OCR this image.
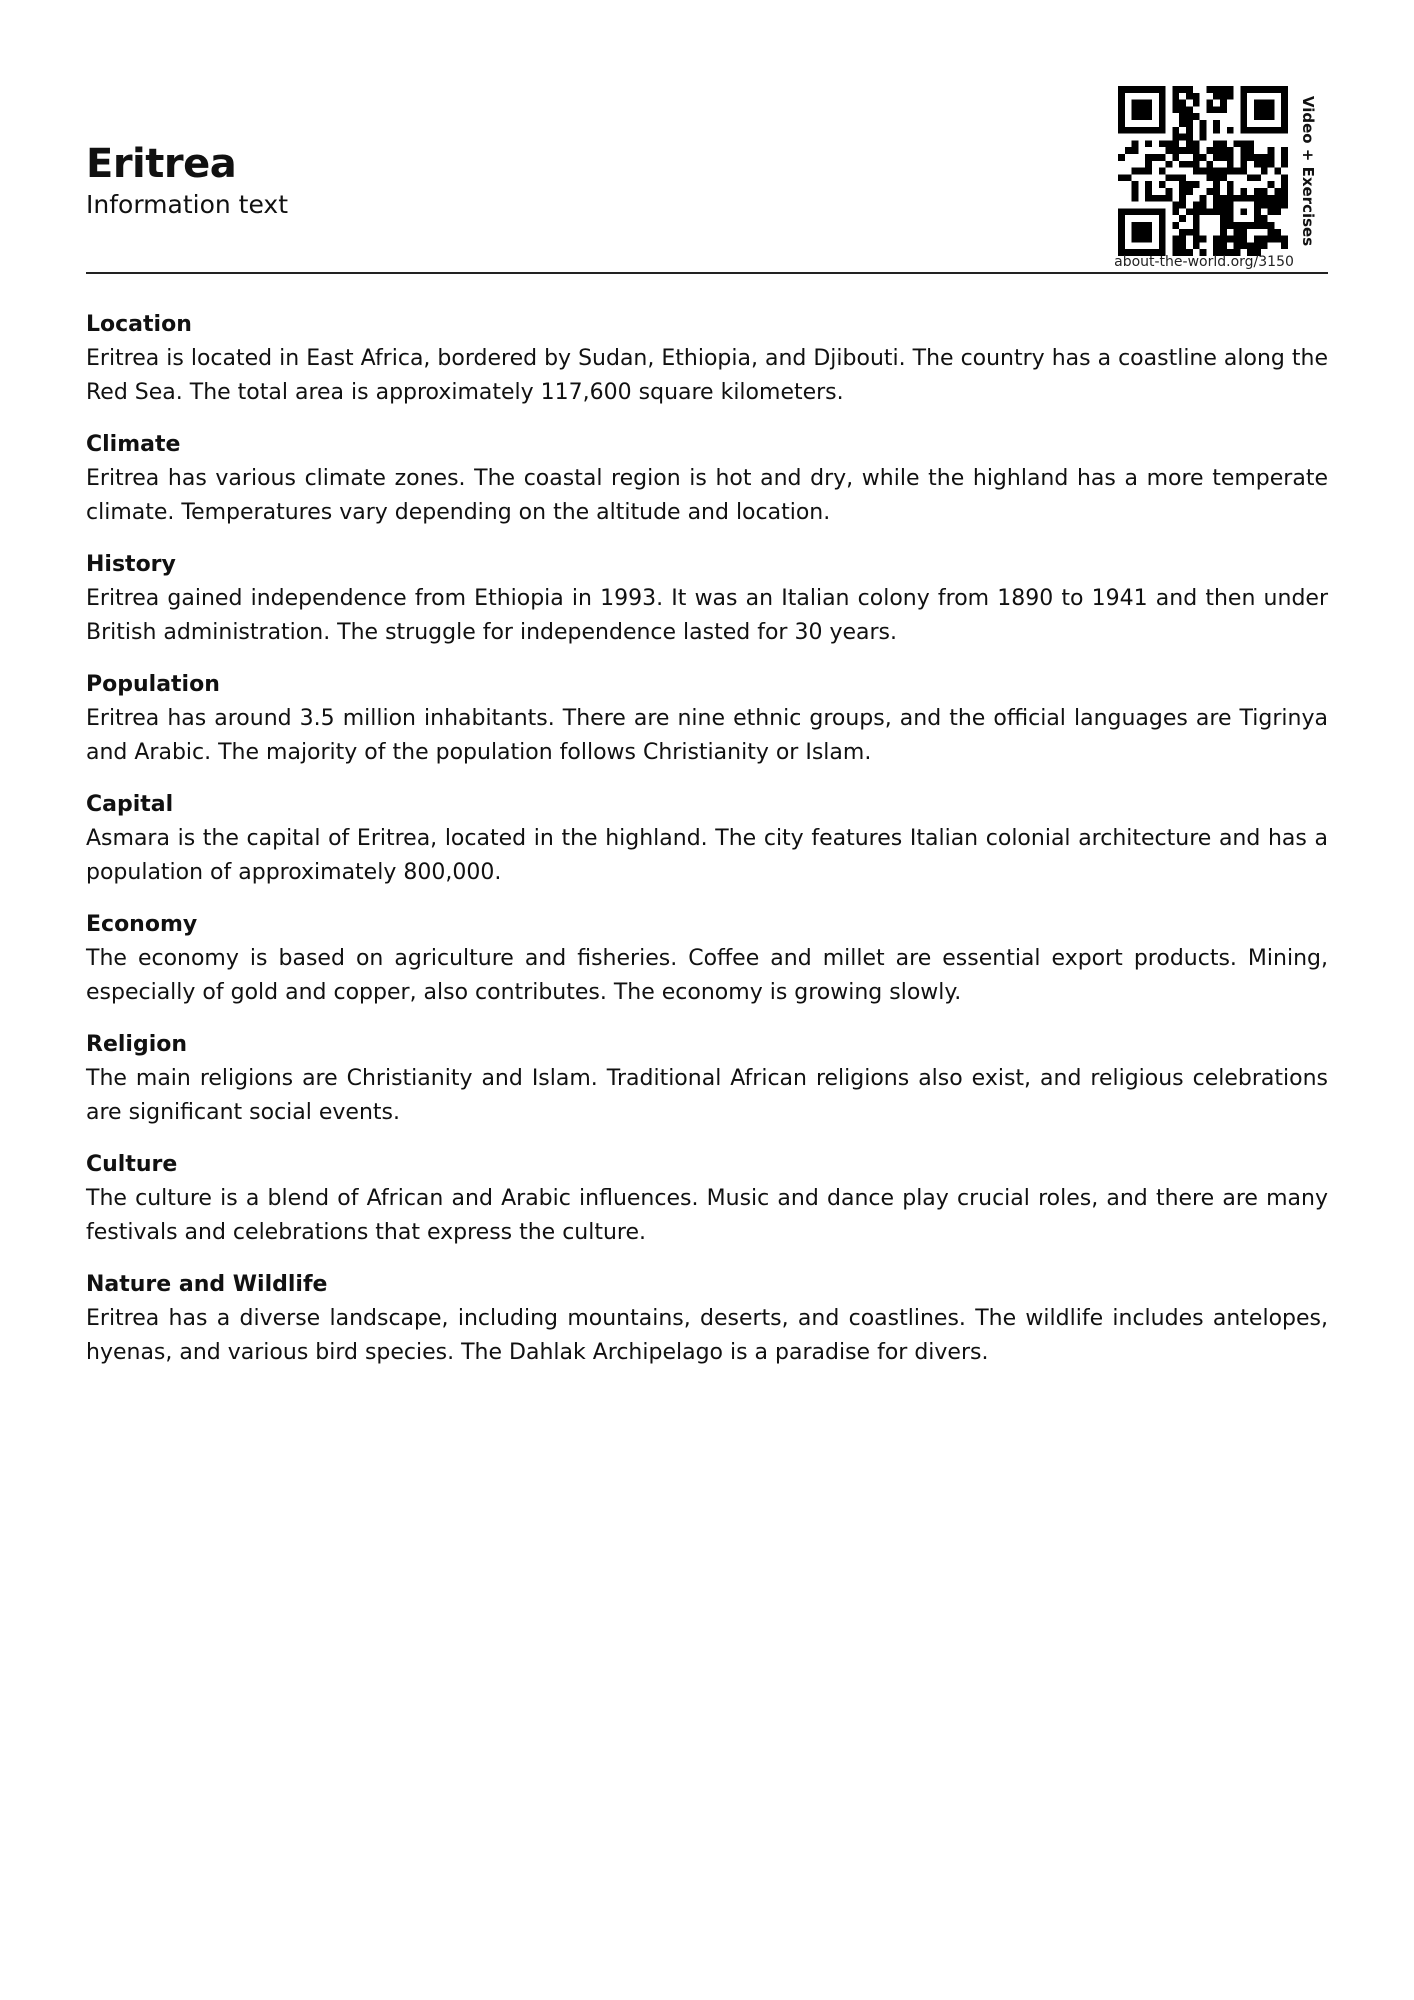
Eritrea
Information text
about-the-world.org/3150
Video + Exercises
Location

Eritrea is located in East Africa, bordered by Sudan, Ethiopia, and Djibouti. The country has a coastline along the Red Sea. The total area is approximately 117,600 square kilometers.

Climate

Eritrea has various climate zones. The coastal region is hot and dry, while the highland has a more temperate climate. Temperatures vary depending on the altitude and location.

History

Eritrea gained independence from Ethiopia in 1993. It was an Italian colony from 1890 to 1941 and then under British administration. The struggle for independence lasted for 30 years.

Population

Eritrea has around 3.5 million inhabitants. There are nine ethnic groups, and the official languages are Tigrinya and Arabic. The majority of the population follows Christianity or Islam.

Capital

Asmara is the capital of Eritrea, located in the highland. The city features Italian colonial architecture and has a population of approximately 800,000.

Economy

The economy is based on agriculture and fisheries. Coffee and millet are essential export products. Mining, especially of gold and copper, also contributes. The economy is growing slowly.

Religion

The main religions are Christianity and Islam. Traditional African religions also exist, and religious celebrations are significant social events.

Culture

The culture is a blend of African and Arabic influences. Music and dance play crucial roles, and there are many festivals and celebrations that express the culture.

Nature and Wildlife

Eritrea has a diverse landscape, including mountains, deserts, and coastlines. The wildlife includes antelopes, hyenas, and various bird species. The Dahlak Archipelago is a paradise for divers.
